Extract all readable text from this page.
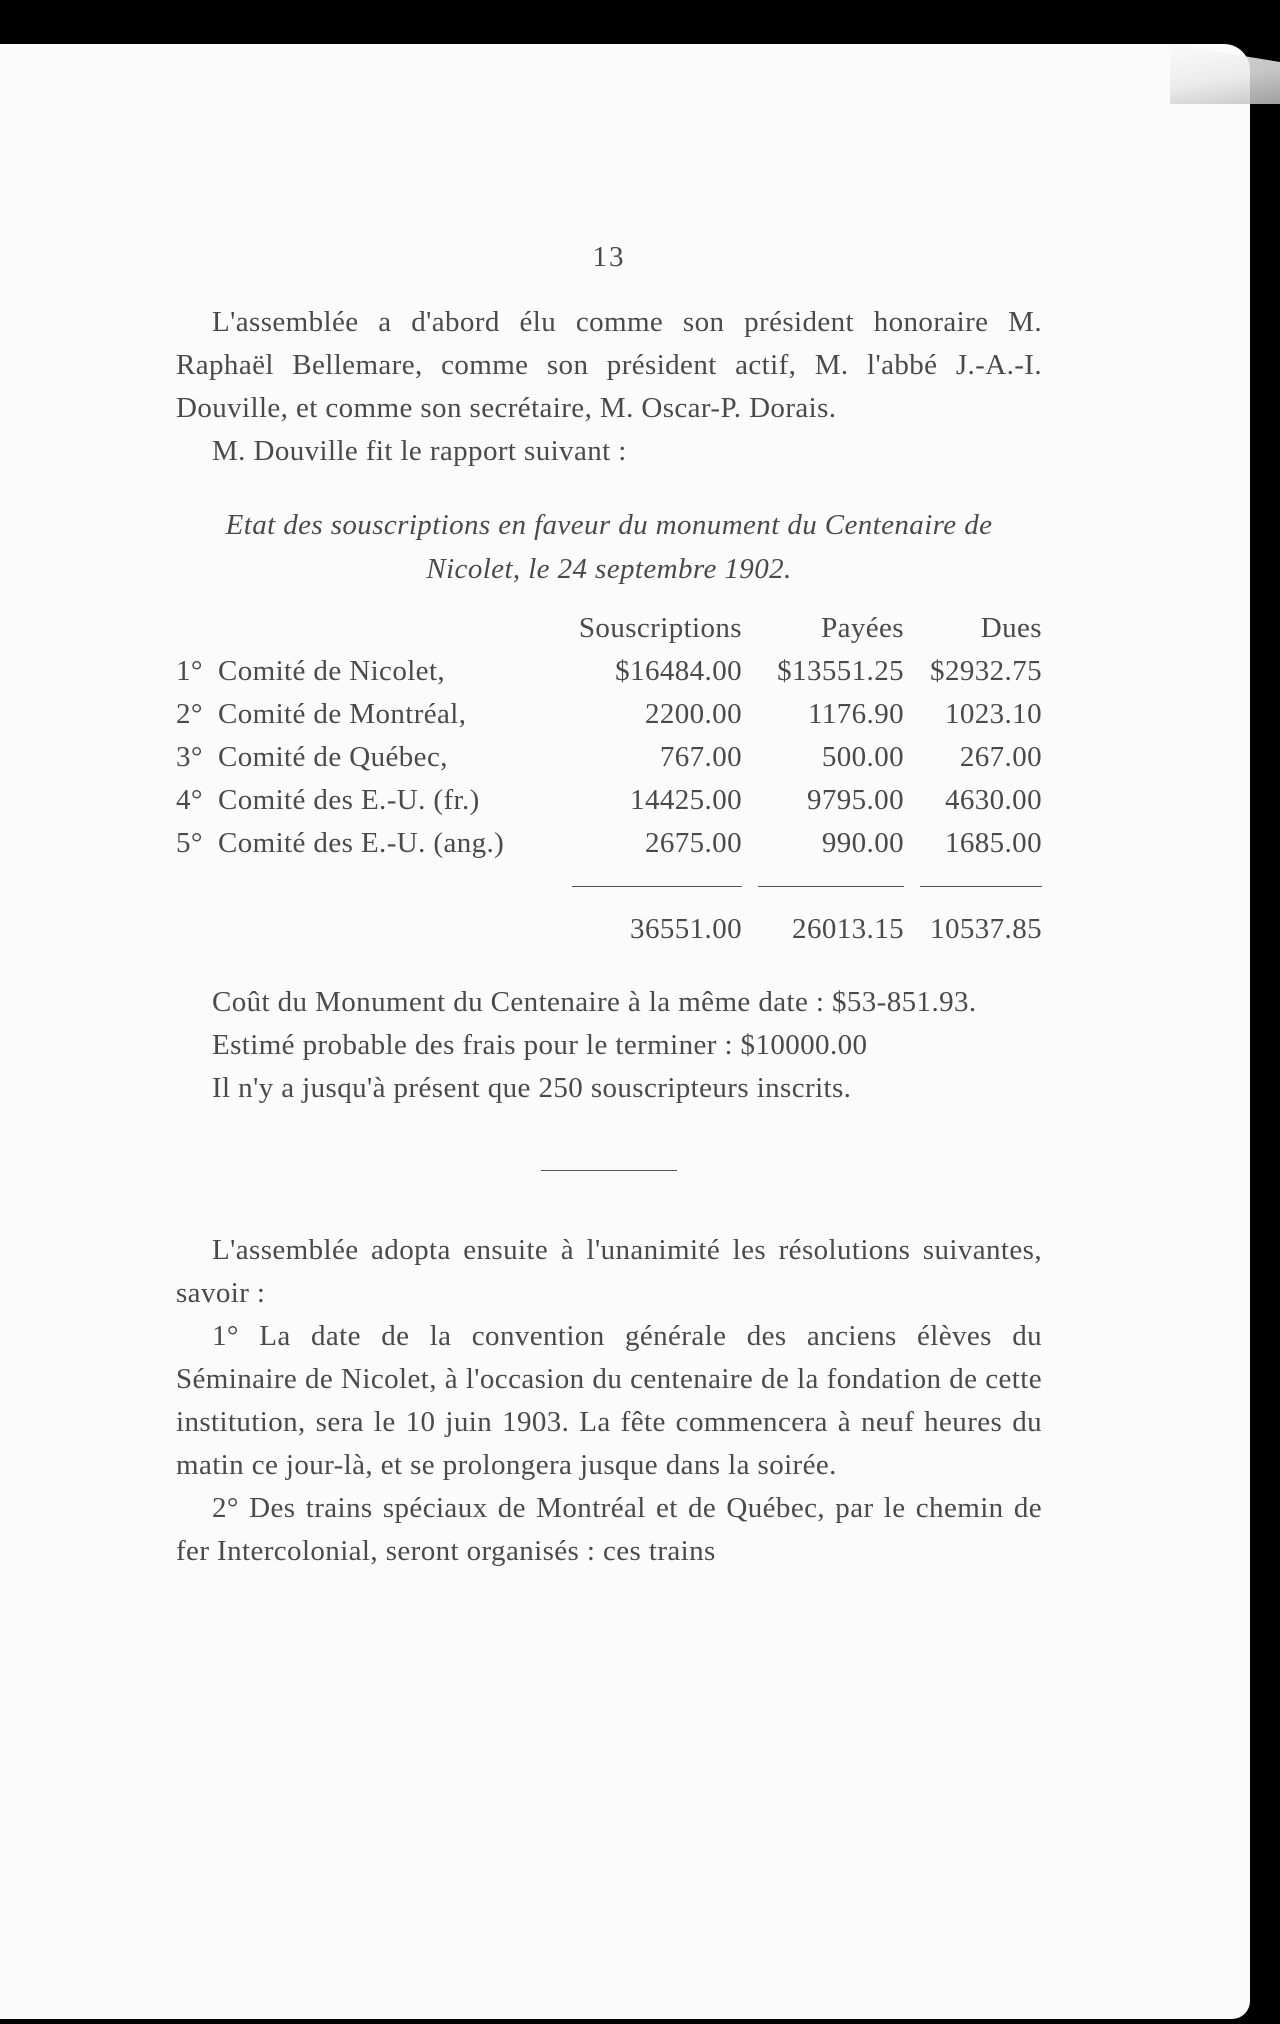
13

L'assemblée a d'abord élu comme son président honoraire M. Raphaël Bellemare, comme son président actif, M. l'abbé J.-A.-I. Douville, et comme son secrétaire, M. Oscar-P. Dorais.

M. Douville fit le rapport suivant :

Etat des souscriptions en faveur du monument du Centenaire de Nicolet, le 24 septembre 1902.
		Souscriptions	Payées	Dues
1°	Comité de Nicolet,	$16484.00	$13551.25	$2932.75
2°	Comité de Montréal,	2200.00	1176.90	1023.10
3°	Comité de Québec,	767.00	500.00	267.00
4°	Comité des E.-U. (fr.)	14425.00	9795.00	4630.00
5°	Comité des E.-U. (ang.)	2675.00	990.00	1685.00

		36551.00	26013.15	10537.85

Coût du Monument du Centenaire à la même date : $53-851.93.

Estimé probable des frais pour le terminer : $10000.00

Il n'y a jusqu'à présent que 250 souscripteurs inscrits.

L'assemblée adopta ensuite à l'unanimité les résolutions suivantes, savoir :

1° La date de la convention générale des anciens élèves du Séminaire de Nicolet, à l'occasion du centenaire de la fondation de cette institution, sera le 10 juin 1903. La fête commencera à neuf heures du matin ce jour-là, et se prolongera jusque dans la soirée.

2° Des trains spéciaux de Montréal et de Québec, par le chemin de fer Intercolonial, seront organisés : ces trains
